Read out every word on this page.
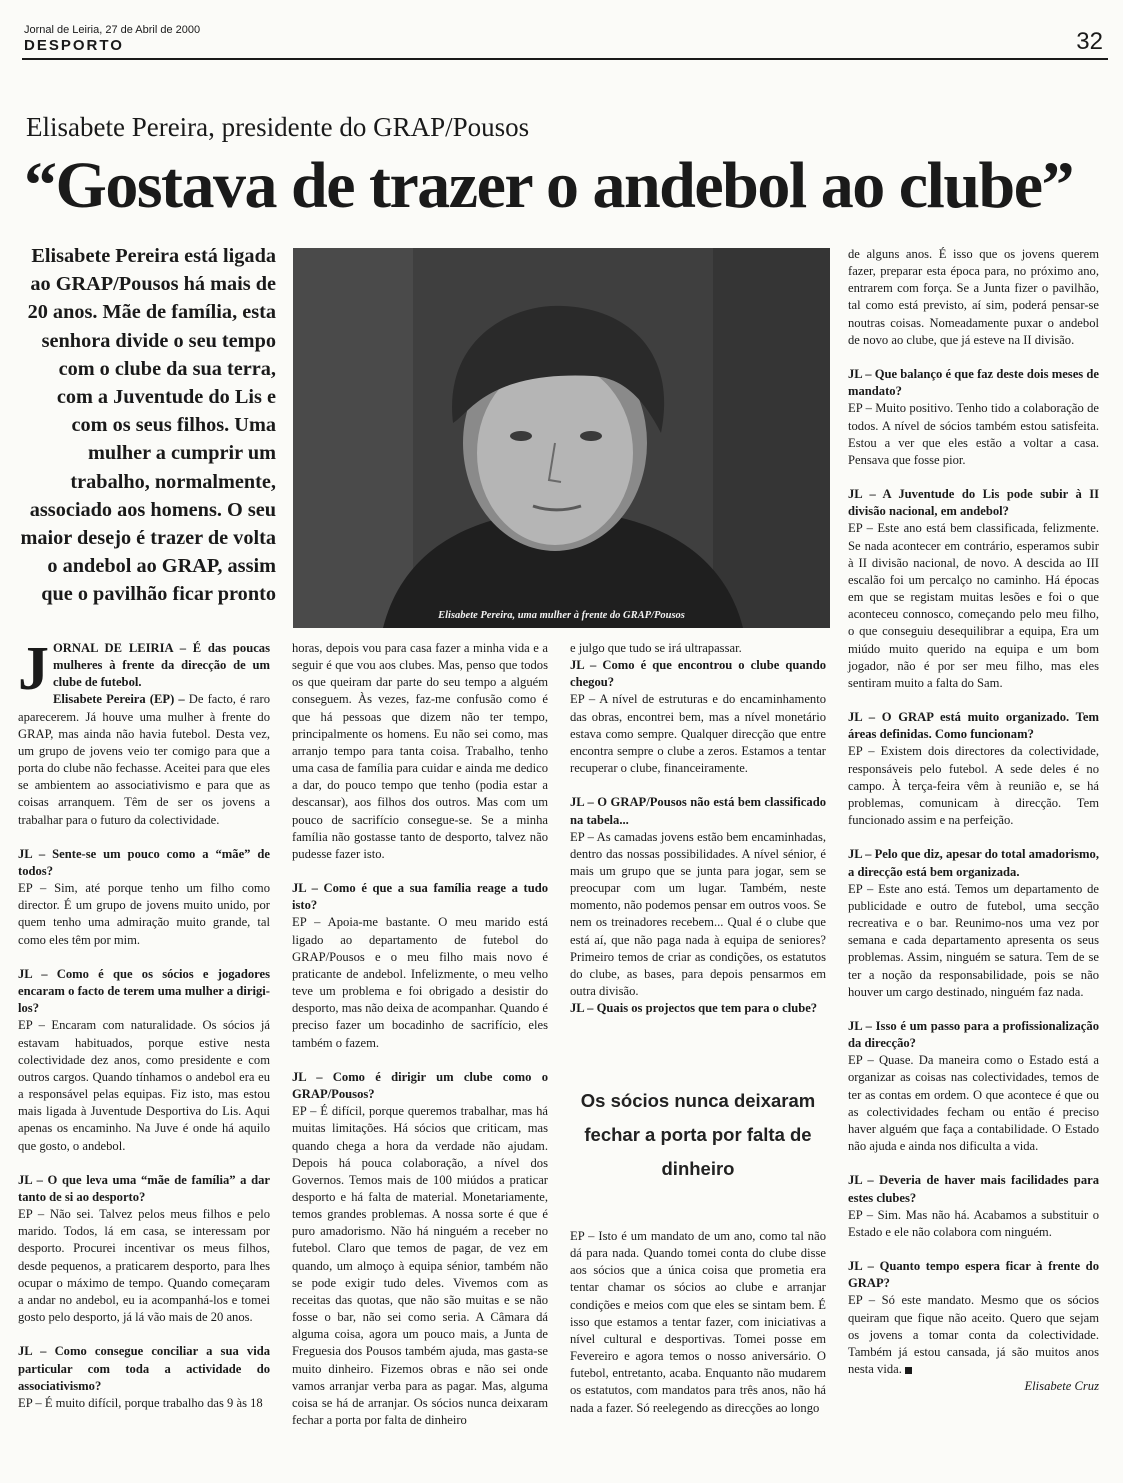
Jornal de Leiria, 27 de Abril de 2000
DESPORTO	32
Elisabete Pereira, presidente do GRAP/Pousos
“Gostava de trazer o andebol ao clube”
Elisabete Pereira está ligada ao GRAP/Pousos há mais de 20 anos. Mãe de família, esta senhora divide o seu tempo com o clube da sua terra, com a Juventude do Lis e com os seus filhos. Uma mulher a cumprir um trabalho, normalmente, associado aos homens. O seu maior desejo é trazer de volta o andebol ao GRAP, assim que o pavilhão ficar pronto
Elisabete Pereira, uma mulher à frente do GRAP/Pousos

J ORNAL DE LEIRIA – É das poucas mulheres à frente da direcção de um clube de futebol.
Elisabete Pereira (EP) – De facto, é raro aparecerem. Já houve uma mulher à frente do GRAP, mas ainda não havia futebol. Desta vez, um grupo de jovens veio ter comigo para que a porta do clube não fechasse. Aceitei para que eles se ambientem ao associativismo e para que as coisas arranquem. Têm de ser os jovens a trabalhar para o futuro da colectividade.

JL – Sente-se um pouco como a “mãe” de todos?

EP – Sim, até porque tenho um filho como director. É um grupo de jovens muito unido, por quem tenho uma admiração muito grande, tal como eles têm por mim.

JL – Como é que os sócios e jogadores encaram o facto de terem uma mulher a dirigi-los?

EP – Encaram com naturalidade. Os sócios já estavam habituados, porque estive nesta colectividade dez anos, como presidente e com outros cargos. Quando tínhamos o andebol era eu a responsável pelas equipas. Fiz isto, mas estou mais ligada à Juventude Desportiva do Lis. Aqui apenas os encaminho. Na Juve é onde há aquilo que gosto, o andebol.

JL – O que leva uma “mãe de família” a dar tanto de si ao desporto?

EP – Não sei. Talvez pelos meus filhos e pelo marido. Todos, lá em casa, se interessam por desporto. Procurei incentivar os meus filhos, desde pequenos, a praticarem desporto, para lhes ocupar o máximo de tempo. Quando começaram a andar no andebol, eu ia acompanhá-los e tomei gosto pelo desporto, já lá vão mais de 20 anos.

JL – Como consegue conciliar a sua vida particular com toda a actividade do associativismo?

EP – É muito difícil, porque trabalho das 9 às 18

horas, depois vou para casa fazer a minha vida e a seguir é que vou aos clubes. Mas, penso que todos os que queiram dar parte do seu tempo a alguém conseguem. Às vezes, faz-me confusão como é que há pessoas que dizem não ter tempo, principalmente os homens. Eu não sei como, mas arranjo tempo para tanta coisa. Trabalho, tenho uma casa de família para cuidar e ainda me dedico a dar, do pouco tempo que tenho (podia estar a descansar), aos filhos dos outros. Mas com um pouco de sacrifício consegue-se. Se a minha família não gostasse tanto de desporto, talvez não pudesse fazer isto.

JL – Como é que a sua família reage a tudo isto?

EP – Apoia-me bastante. O meu marido está ligado ao departamento de futebol do GRAP/Pousos e o meu filho mais novo é praticante de andebol. Infelizmente, o meu velho teve um problema e foi obrigado a desistir do desporto, mas não deixa de acompanhar. Quando é preciso fazer um bocadinho de sacrifício, eles também o fazem.

JL – Como é dirigir um clube como o GRAP/Pousos?

EP – É difícil, porque queremos trabalhar, mas há muitas limitações. Há sócios que criticam, mas quando chega a hora da verdade não ajudam. Depois há pouca colaboração, a nível dos Governos. Temos mais de 100 miúdos a praticar desporto e há falta de material. Monetariamente, temos grandes problemas. A nossa sorte é que é puro amadorismo. Não há ninguém a receber no futebol. Claro que temos de pagar, de vez em quando, um almoço à equipa sénior, também não se pode exigir tudo deles. Vivemos com as receitas das quotas, que não são muitas e se não fosse o bar, não sei como seria. A Câmara dá alguma coisa, agora um pouco mais, a Junta de Freguesia dos Pousos também ajuda, mas gasta-se muito dinheiro. Fizemos obras e não sei onde vamos arranjar verba para as pagar. Mas, alguma coisa se há de arranjar. Os sócios nunca deixaram fechar a porta por falta de dinheiro

e julgo que tudo se irá ultrapassar.

JL – Como é que encontrou o clube quando chegou?

EP – A nível de estruturas e do encaminhamento das obras, encontrei bem, mas a nível monetário estava como sempre. Qualquer direcção que entre encontra sempre o clube a zeros. Estamos a tentar recuperar o clube, financeiramente.

JL – O GRAP/Pousos não está bem classificado na tabela...

EP – As camadas jovens estão bem encaminhadas, dentro das nossas possibilidades. A nível sénior, é mais um grupo que se junta para jogar, sem se preocupar com um lugar. Também, neste momento, não podemos pensar em outros voos. Se nem os treinadores recebem... Qual é o clube que está aí, que não paga nada à equipa de seniores? Primeiro temos de criar as condições, os estatutos do clube, as bases, para depois pensarmos em outra divisão.

JL – Quais os projectos que tem para o clube?

Os sócios nunca deixaram fechar a porta por falta de dinheiro

EP – Isto é um mandato de um ano, como tal não dá para nada. Quando tomei conta do clube disse aos sócios que a única coisa que prometia era tentar chamar os sócios ao clube e arranjar condições e meios com que eles se sintam bem. É isso que estamos a tentar fazer, com iniciativas a nível cultural e desportivas. Tomei posse em Fevereiro e agora temos o nosso aniversário. O futebol, entretanto, acaba. Enquanto não mudarem os estatutos, com mandatos para três anos, não há nada a fazer. Só reelegendo as direcções ao longo

de alguns anos. É isso que os jovens querem fazer, preparar esta época para, no próximo ano, entrarem com força. Se a Junta fizer o pavilhão, tal como está previsto, aí sim, poderá pensar-se noutras coisas. Nomeadamente puxar o andebol de novo ao clube, que já esteve na II divisão.

JL – Que balanço é que faz deste dois meses de mandato?

EP – Muito positivo. Tenho tido a colaboração de todos. A nível de sócios também estou satisfeita. Estou a ver que eles estão a voltar a casa. Pensava que fosse pior.

JL – A Juventude do Lis pode subir à II divisão nacional, em andebol?

EP – Este ano está bem classificada, felizmente. Se nada acontecer em contrário, esperamos subir à II divisão nacional, de novo. A descida ao III escalão foi um percalço no caminho. Há épocas em que se registam muitas lesões e foi o que aconteceu connosco, começando pelo meu filho, o que conseguiu desequilibrar a equipa, Era um miúdo muito querido na equipa e um bom jogador, não é por ser meu filho, mas eles sentiram muito a falta do Sam.

JL – O GRAP está muito organizado. Tem áreas definidas. Como funcionam?

EP – Existem dois directores da colectividade, responsáveis pelo futebol. A sede deles é no campo. À terça-feira vêm à reunião e, se há problemas, comunicam à direcção. Tem funcionado assim e na perfeição.

JL – Pelo que diz, apesar do total amadorismo, a direcção está bem organizada.

EP – Este ano está. Temos um departamento de publicidade e outro de futebol, uma secção recreativa e o bar. Reunimo-nos uma vez por semana e cada departamento apresenta os seus problemas. Assim, ninguém se satura. Tem de se ter a noção da responsabilidade, pois se não houver um cargo destinado, ninguém faz nada.

JL – Isso é um passo para a profissionalização da direcção?

EP – Quase. Da maneira como o Estado está a organizar as coisas nas colectividades, temos de ter as contas em ordem. O que acontece é que ou as colectividades fecham ou então é preciso haver alguém que faça a contabilidade. O Estado não ajuda e ainda nos dificulta a vida.

JL – Deveria de haver mais facilidades para estes clubes?

EP – Sim. Mas não há. Acabamos a substituir o Estado e ele não colabora com ninguém.

JL – Quanto tempo espera ficar à frente do GRAP?

EP – Só este mandato. Mesmo que os sócios queiram que fique não aceito. Quero que sejam os jovens a tomar conta da colectividade. Também já estou cansada, já são muitos anos nesta vida.

Elisabete Cruz
